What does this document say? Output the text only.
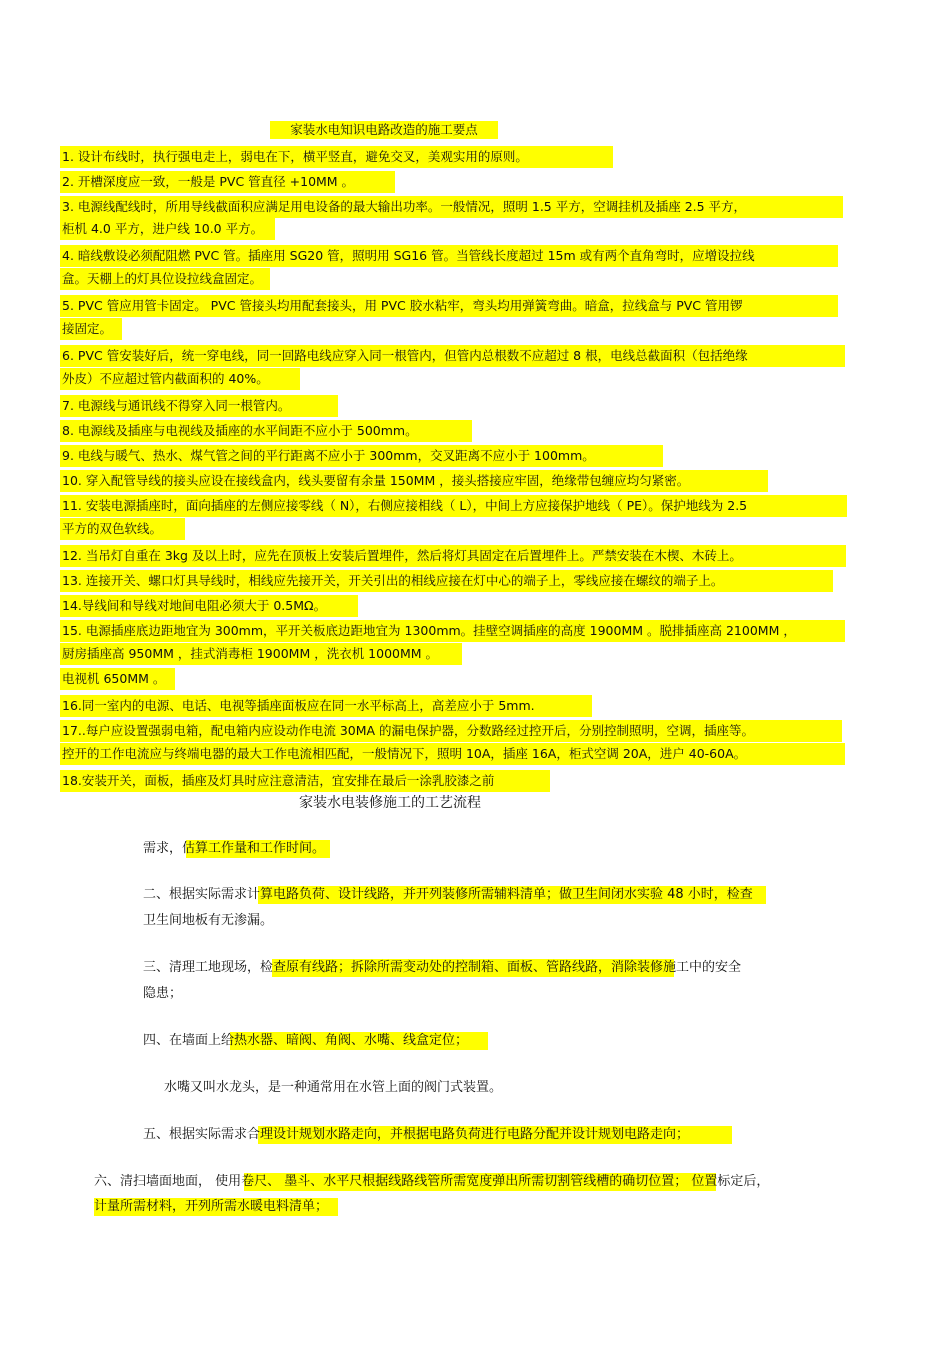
家装水电知识电路改造的施工要点
1. 设计布线时，执行强电走上，弱电在下，横平竖直，避免交叉，美观实用的原则。
2. 开槽深度应一致，一般是 PVC 管直径 +10MM 。
3. 电源线配线时，所用导线截面积应满足用电设备的最大输出功率。一般情况，照明 1.5 平方，空调挂机及插座 2.5 平方，
柜机 4.0 平方，进户线 10.0 平方。
4. 暗线敷设必须配阻燃 PVC 管。插座用 SG20 管，照明用 SG16 管。当管线长度超过 15m 或有两个直角弯时，应增设拉线
盒。天棚上的灯具位设拉线盒固定。
5. PVC 管应用管卡固定。 PVC 管接头均用配套接头，用 PVC 胶水粘牢，弯头均用弹簧弯曲。暗盒，拉线盒与 PVC 管用锣
接固定。
6. PVC 管安装好后，统一穿电线，同一回路电线应穿入同一根管内，但管内总根数不应超过 8 根，电线总截面积（包括绝缘
外皮）不应超过管内截面积的 40%。
7. 电源线与通讯线不得穿入同一根管内。
8. 电源线及插座与电视线及插座的水平间距不应小于 500mm。
9. 电线与暖气、热水、煤气管之间的平行距离不应小于 300mm，交叉距离不应小于 100mm。
10. 穿入配管导线的接头应设在接线盒内，线头要留有余量 150MM ，接头搭接应牢固，绝缘带包缠应均匀紧密。
11. 安装电源插座时，面向插座的左侧应接零线（ N），右侧应接相线（ L），中间上方应接保护地线（ PE）。保护地线为 2.5
平方的双色软线。
12. 当吊灯自重在 3kg 及以上时，应先在顶板上安装后置埋件，然后将灯具固定在后置埋件上。严禁安装在木楔、木砖上。
13. 连接开关、螺口灯具导线时，相线应先接开关，开关引出的相线应接在灯中心的端子上，零线应接在螺纹的端子上。
14.导线间和导线对地间电阻必须大于 0.5MΩ。
15. 电源插座底边距地宜为 300mm，平开关板底边距地宜为 1300mm。挂壁空调插座的高度 1900MM 。脱排插座高 2100MM ，
厨房插座高 950MM ，挂式消毒柜 1900MM ，洗衣机 1000MM 。
电视机 650MM 。
16.同一室内的电源、电话、电视等插座面板应在同一水平标高上，高差应小于 5mm.
17..每户应设置强弱电箱，配电箱内应设动作电流 30MA 的漏电保护器，分数路经过控开后，分别控制照明，空调，插座等。
控开的工作电流应与终端电器的最大工作电流相匹配，一般情况下，照明 10A，插座 16A，柜式空调 20A，进户 40-60A。
18.安装开关，面板，插座及灯具时应注意清洁，宜安排在最后一涂乳胶漆之前
家装水电装修施工的工艺流程
需求，估算工作量和工作时间。
二、根据实际需求计算电路负荷、设计线路，并开列装修所需辅料清单；做卫生间闭水实验 48 小时，检查
卫生间地板有无渗漏。
三、清理工地现场，检查原有线路；拆除所需变动处的控制箱、面板、管路线路，消除装修施工中的安全
隐患；
四、在墙面上给热水器、暗阀、角阀、水嘴、线盒定位；
水嘴又叫水龙头，是一种通常用在水管上面的阀门式装置。
五、根据实际需求合理设计规划水路走向，并根据电路负荷进行电路分配并设计规划电路走向；
六、清扫墙面地面， 使用卷尺、 墨斗、水平尺根据线路线管所需宽度弹出所需切割管线槽的确切位置； 位置标定后，
计量所需材料，开列所需水暖电料清单；
